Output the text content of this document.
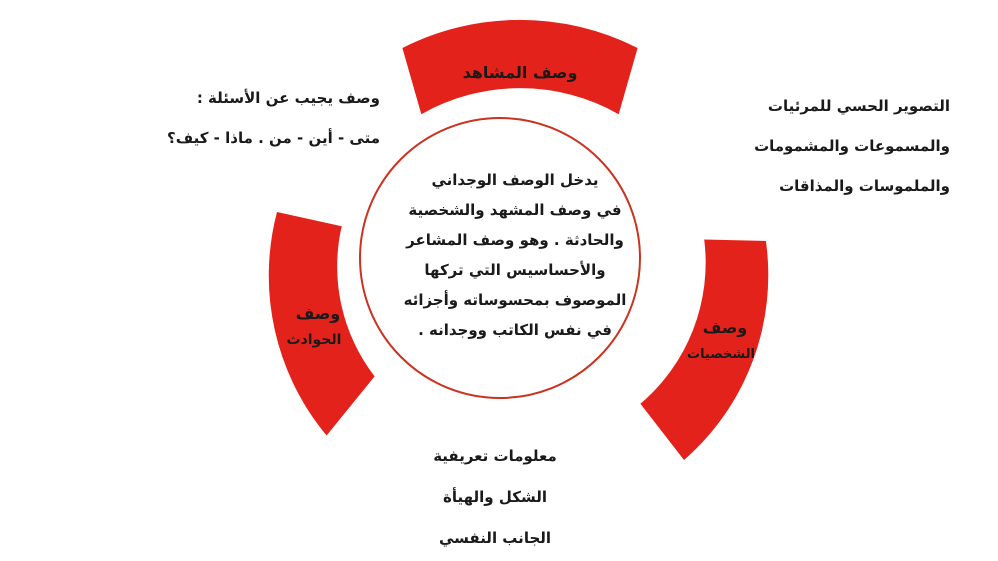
وصف المشاهد
وصف
الحوادث
وصف
الشخصيات
يدخل الوصف الوجداني
في وصف المشهد والشخصية
والحادثة . وهو وصف المشاعر
والأحساسيس التي تركها
الموصوف بمحسوساته وأجزائه
في نفس الكاتب ووجدانه .
وصف يجيب عن الأسئلة :
متى - أين - من . ماذا - كيف؟
التصوير الحسي للمرئيات
والمسموعات والمشمومات
والملموسات والمذاقات
معلومات تعريفية
الشكل والهيأة
الجانب النفسي
